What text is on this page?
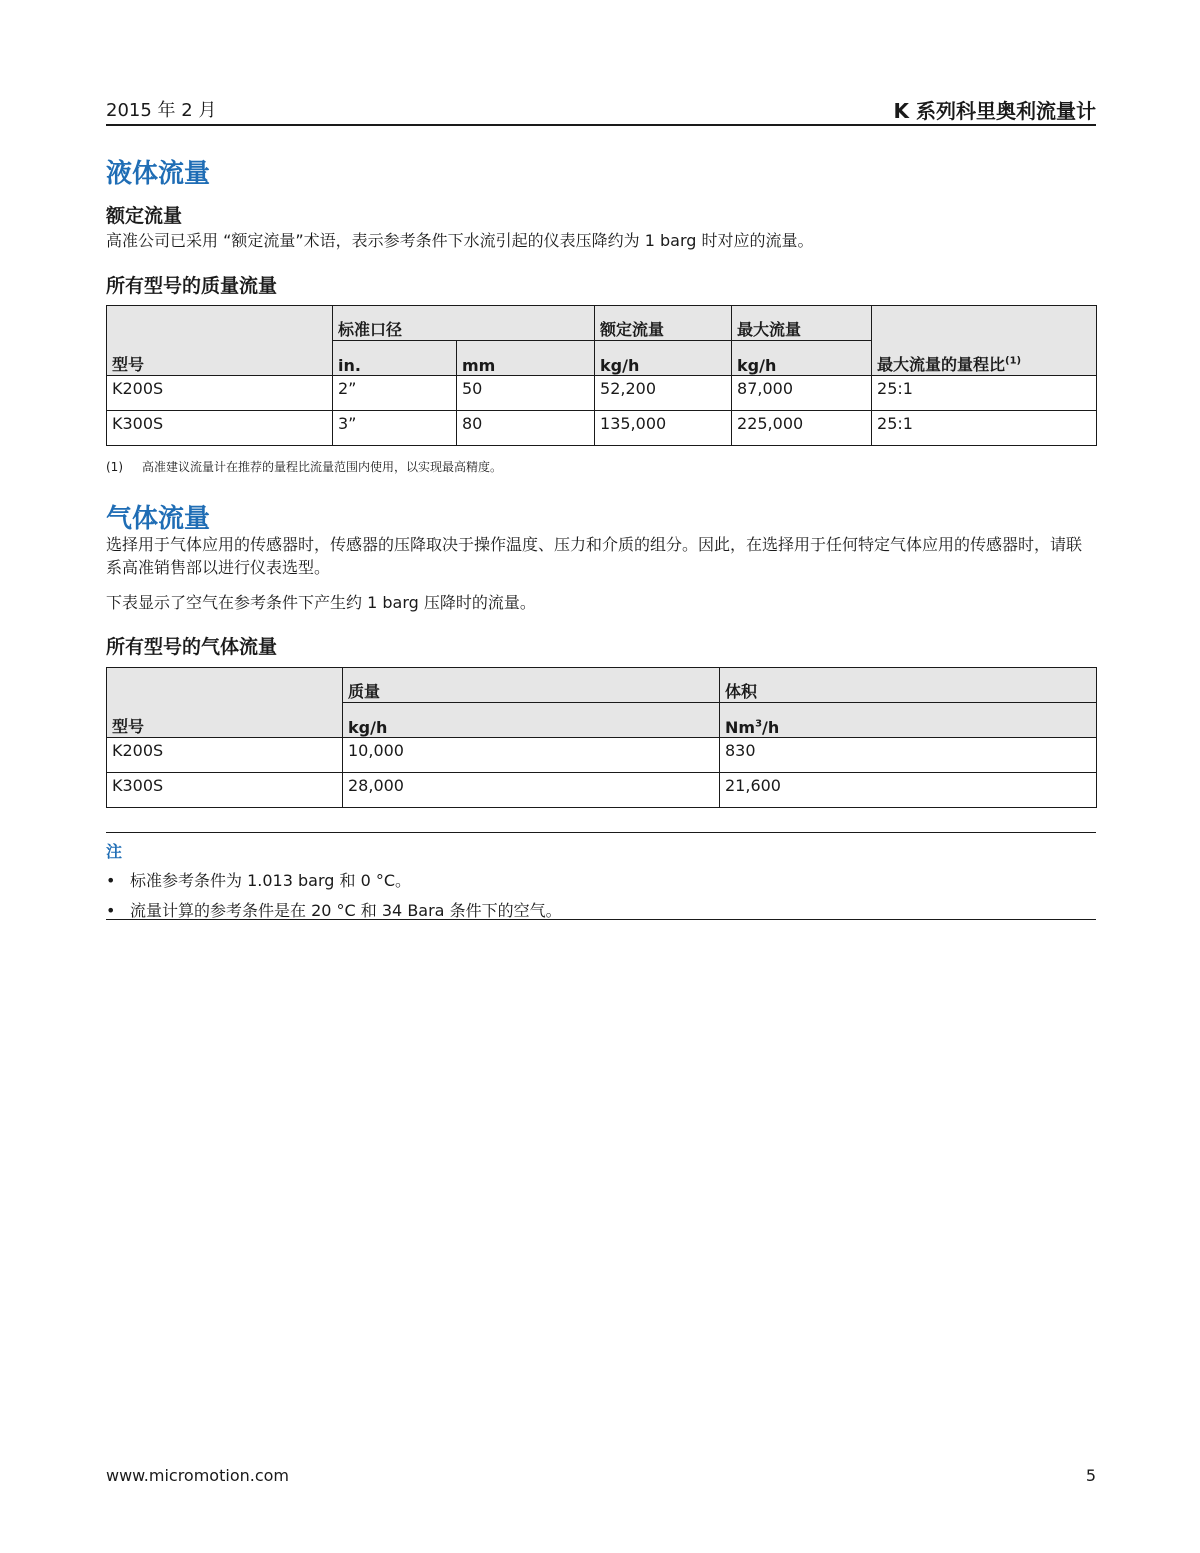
2015 年 2 月	K 系列科里奥利流量计
液体流量
额定流量
高准公司已采用 “额定流量”术语，表示参考条件下水流引起的仪表压降约为 1 barg 时对应的流量。
所有型号的质量流量
型号	标准口径		额定流量	最大流量	最大流量的量程比$^{(1)}$
	in.	mm	kg/h	kg/h	
K200S	2”	50	52,200	87,000	25:1
K300S	3”	80	135,000	225,000	25:1
(1) 高准建议流量计在推荐的量程比流量范围内使用，以实现最高精度。
气体流量
选择用于气体应用的传感器时，传感器的压降取决于操作温度、压力和介质的组分。因此，在选择用于任何特定气体应用的传感器时，请联系高准销售部以进行仪表选型。
下表显示了空气在参考条件下产生约 1 barg 压降时的流量。
所有型号的气体流量
型号	质量	体积
	kg/h	Nm$^3$/h
K200S	10,000	830
K300S	28,000	21,600
注
• 标准参考条件为 1.013 barg 和 0 °C。
• 流量计算的参考条件是在 20 °C 和 34 Bara 条件下的空气。
www.micromotion.com	5
